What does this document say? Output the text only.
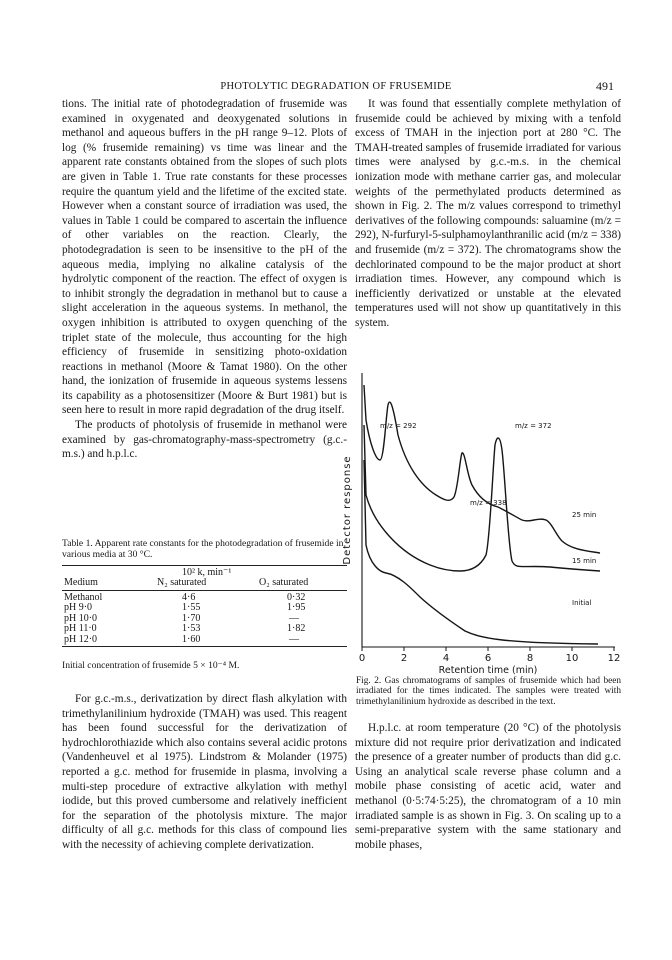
PHOTOLYTIC DEGRADATION OF FRUSEMIDE	491

tions. The initial rate of photodegradation of frusemide was examined in oxygenated and deoxygenated solutions in methanol and aqueous buffers in the pH range 9–12. Plots of log (% frusemide remaining) vs time was linear and the apparent rate constants obtained from the slopes of such plots are given in Table 1. True rate constants for these processes require the quantum yield and the lifetime of the excited state. However when a constant source of irradiation was used, the values in Table 1 could be compared to ascertain the influence of other variables on the reaction. Clearly, the photodegradation is seen to be insensitive to the pH of the aqueous media, implying no alkaline catalysis of the hydrolytic component of the reaction. The effect of oxygen is to inhibit strongly the degradation in methanol but to cause a slight acceleration in the aqueous systems. In methanol, the oxygen inhibition is attributed to oxygen quenching of the triplet state of the molecule, thus accounting for the high efficiency of frusemide in sensitizing photo-oxidation reactions in methanol (Moore & Tamat 1980). On the other hand, the ionization of frusemide in aqueous systems lessens its capability as a photosensitizer (Moore & Burt 1981) but is seen here to result in more rapid degradation of the drug itself.

The products of photolysis of frusemide in methanol were examined by gas-chromatography-mass-spectrometry (g.c.-m.s.) and h.p.l.c.

Table 1. Apparent rate constants for the photodegradation of frusemide in various media at 30 °C.
10² k, min⁻¹
Medium	N₂ saturated	O₂ saturated
Methanol	4·6	0·32
pH 9·0	1·55	1·95
pH 10·0	1·70	—
pH 11·0	1·53	1·82
pH 12·0	1·60	—
Initial concentration of frusemide 5 × 10⁻⁴ M.

For g.c.-m.s., derivatization by direct flash alkylation with trimethylanilinium hydroxide (TMAH) was used. This reagent has been found successful for the derivatization of hydrochlorothiazide which also contains several acidic protons (Vandenheuvel et al 1975). Lindstrom & Molander (1975) reported a g.c. method for frusemide in plasma, involving a multi-step procedure of extractive alkylation with methyl iodide, but this proved cumbersome and relatively inefficient for the separation of the photolysis mixture. The major difficulty of all g.c. methods for this class of compound lies with the necessity of achieving complete derivatization.

It was found that essentially complete methylation of frusemide could be achieved by mixing with a tenfold excess of TMAH in the injection port at 280 °C. The TMAH-treated samples of frusemide irradiated for various times were analysed by g.c.-m.s. in the chemical ionization mode with methane carrier gas, and molecular weights of the permethylated products determined as shown in Fig. 2. The m/z values correspond to trimethyl derivatives of the following compounds: saluamine (m/z = 292), N-furfuryl-5-sulphamoylanthranilic acid (m/z = 338) and frusemide (m/z = 372). The chromatograms show the dechlorinated compound to be the major product at short irradiation times. However, any compound which is inefficiently derivatized or unstable at the elevated temperatures used will not show up quantitatively in this system.

0	2	4	6	8	10	12
Retention time (min)
Detector response
m/z = 292	m/z = 372
m/z = 338
25 min
15 min
Initial
Fig. 2. Gas chromatograms of samples of frusemide which had been irradiated for the times indicated. The samples were treated with trimethylanilinium hydroxide as described in the text.

H.p.l.c. at room temperature (20 °C) of the photolysis mixture did not require prior derivatization and indicated the presence of a greater number of products than did g.c. Using an analytical scale reverse phase column and a mobile phase consisting of acetic acid, water and methanol (0·5:74·5:25), the chromatogram of a 10 min irradiated sample is as shown in Fig. 3. On scaling up to a semi-preparative system with the same stationary and mobile phases,
